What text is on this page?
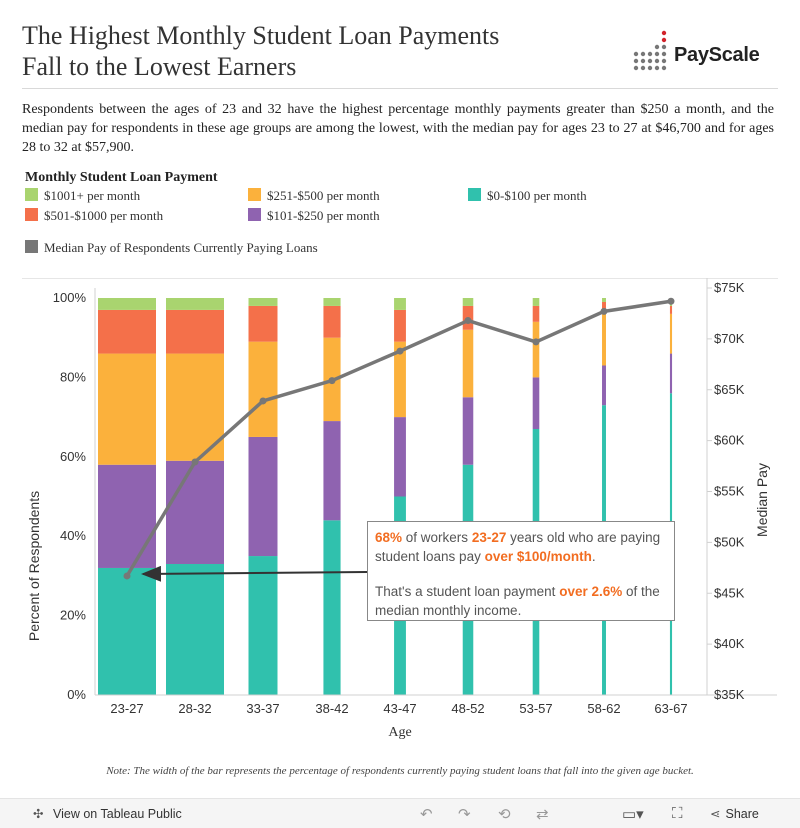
The Highest Monthly Student Loan Payments
Fall to the Lowest Earners	PayScale

Respondents between the ages of 23 and 32 have the highest percentage monthly payments greater than $250 a month, and the median pay for respondents in these age groups are among the lowest, with the median pay for ages 23 to 27 at $46,700 and for ages 28 to 32 at $57,900.

Monthly Student Loan Payment
$1001+ per month	$251-$500 per month	$0-$100 per month
$501-$1000 per month	$101-$250 per month
Median Pay of Respondents Currently Paying Loans
Percent of Respondents	Median Pay
Age
0%
20%
40%
60%
80%
100%
$35K
$40K
$45K
$50K
$55K
$60K
$65K
$70K
$75K
23-27	28-32	33-37	38-42	43-47	48-52	53-57	58-62	63-67

68% of workers 23-27 years old who are paying student loans pay over $100/month.

That's a student loan payment over 2.6% of the median monthly income.

Note: The width of the bar represents the percentage of respondents currently paying student loans that fall into the given age bucket.
✣ View on Tableau Public	↶ ↷ ⟲ ⇄	▭▾ ⛶ ⋖ Share
